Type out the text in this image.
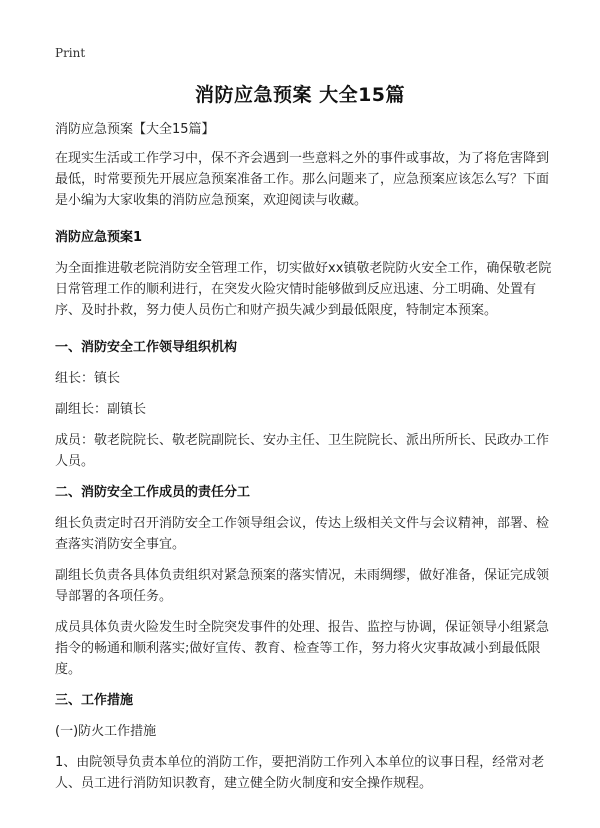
Print
消防应急预案 大全15篇

消防应急预案【大全15篇】

在现实生活或工作学习中，保不齐会遇到一些意料之外的事件或事故，为了将危害降到最低，时常要预先开展应急预案准备工作。那么问题来了，应急预案应该怎么写？下面是小编为大家收集的消防应急预案，欢迎阅读与收藏。

消防应急预案1

为全面推进敬老院消防安全管理工作，切实做好xx镇敬老院防火安全工作，确保敬老院日常管理工作的顺利进行，在突发火险灾情时能够做到反应迅速、分工明确、处置有序、及时扑救，努力使人员伤亡和财产损失减少到最低限度，特制定本预案。

一、消防安全工作领导组织机构

组长：镇长

副组长：副镇长

成员：敬老院院长、敬老院副院长、安办主任、卫生院院长、派出所所长、民政办工作人员。

二、消防安全工作成员的责任分工

组长负责定时召开消防安全工作领导组会议，传达上级相关文件与会议精神，部署、检查落实消防安全事宜。

副组长负责各具体负责组织对紧急预案的落实情况，未雨绸缪，做好准备，保证完成领导部署的各项任务。

成员具体负责火险发生时全院突发事件的处理、报告、监控与协调，保证领导小组紧急指令的畅通和顺利落实;做好宣传、教育、检查等工作，努力将火灾事故减小到最低限度。

三、工作措施

(一)防火工作措施

1、由院领导负责本单位的消防工作，要把消防工作列入本单位的议事日程，经常对老人、员工进行消防知识教育，建立健全防火制度和安全操作规程。
